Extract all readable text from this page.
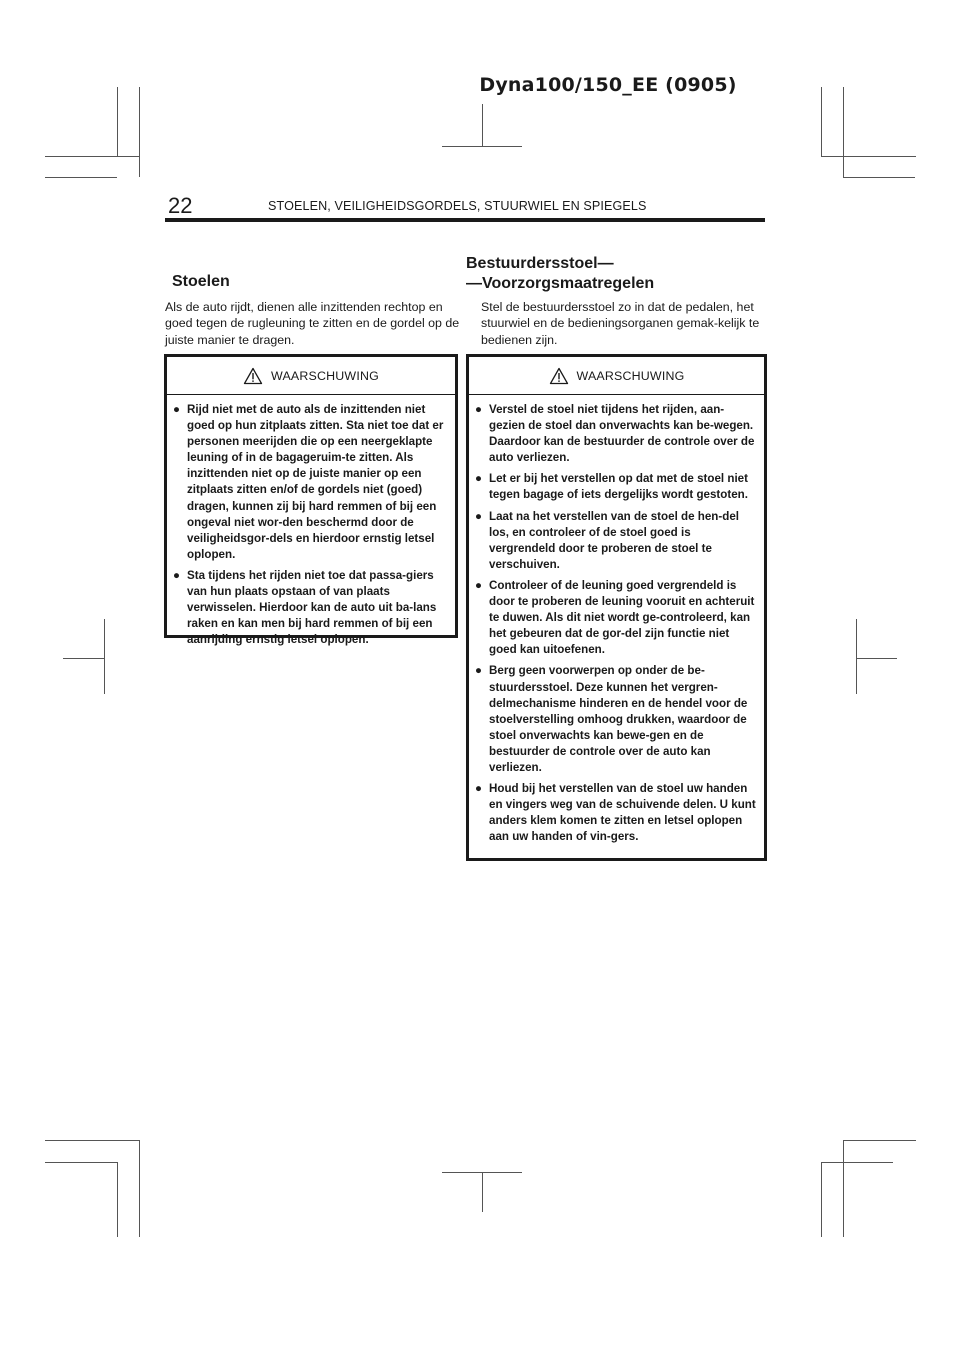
Dyna100/150_EE (0905)
22	STOELEN, VEILIGHEIDSGORDELS, STUURWIEL EN SPIEGELS
Stoelen
Als de auto rijdt, dienen alle inzittenden rechtop en goed tegen de rugleuning te zitten en de gordel op de juiste manier te dragen.
WAARSCHUWING
● Rijd niet met de auto als de inzittenden niet goed op hun zitplaats zitten. Sta niet toe dat er personen meerijden die op een neergeklapte leuning of in de bagageruim-te zitten. Als inzittenden niet op de juiste manier op een zitplaats zitten en/of de gordels niet (goed) dragen, kunnen zij bij hard remmen of bij een ongeval niet wor-den beschermd door de veiligheidsgor-dels en hierdoor ernstig letsel oplopen.
● Sta tijdens het rijden niet toe dat passa-giers van hun plaats opstaan of van plaats verwisselen. Hierdoor kan de auto uit ba-lans raken en kan men bij hard remmen of bij een aanrijding ernstig letsel oplopen.
Bestuurdersstoel—
—Voorzorgsmaatregelen
Stel de bestuurdersstoel zo in dat de pedalen, het stuurwiel en de bedieningsorganen gemak-kelijk te bedienen zijn.
WAARSCHUWING
● Verstel de stoel niet tijdens het rijden, aan-gezien de stoel dan onverwachts kan be-wegen. Daardoor kan de bestuurder de controle over de auto verliezen.
● Let er bij het verstellen op dat met de stoel niet tegen bagage of iets dergelijks wordt gestoten.
● Laat na het verstellen van de stoel de hen-del los, en controleer of de stoel goed is vergrendeld door te proberen de stoel te verschuiven.
● Controleer of de leuning goed vergrendeld is door te proberen de leuning vooruit en achteruit te duwen. Als dit niet wordt ge-controleerd, kan het gebeuren dat de gor-del zijn functie niet goed kan uitoefenen.
● Berg geen voorwerpen op onder de be-stuurdersstoel. Deze kunnen het vergren-delmechanisme hinderen en de hendel voor de stoelverstelling omhoog drukken, waardoor de stoel onverwachts kan bewe-gen en de bestuurder de controle over de auto kan verliezen.
● Houd bij het verstellen van de stoel uw handen en vingers weg van de schuivende delen. U kunt anders klem komen te zitten en letsel oplopen aan uw handen of vin-gers.
